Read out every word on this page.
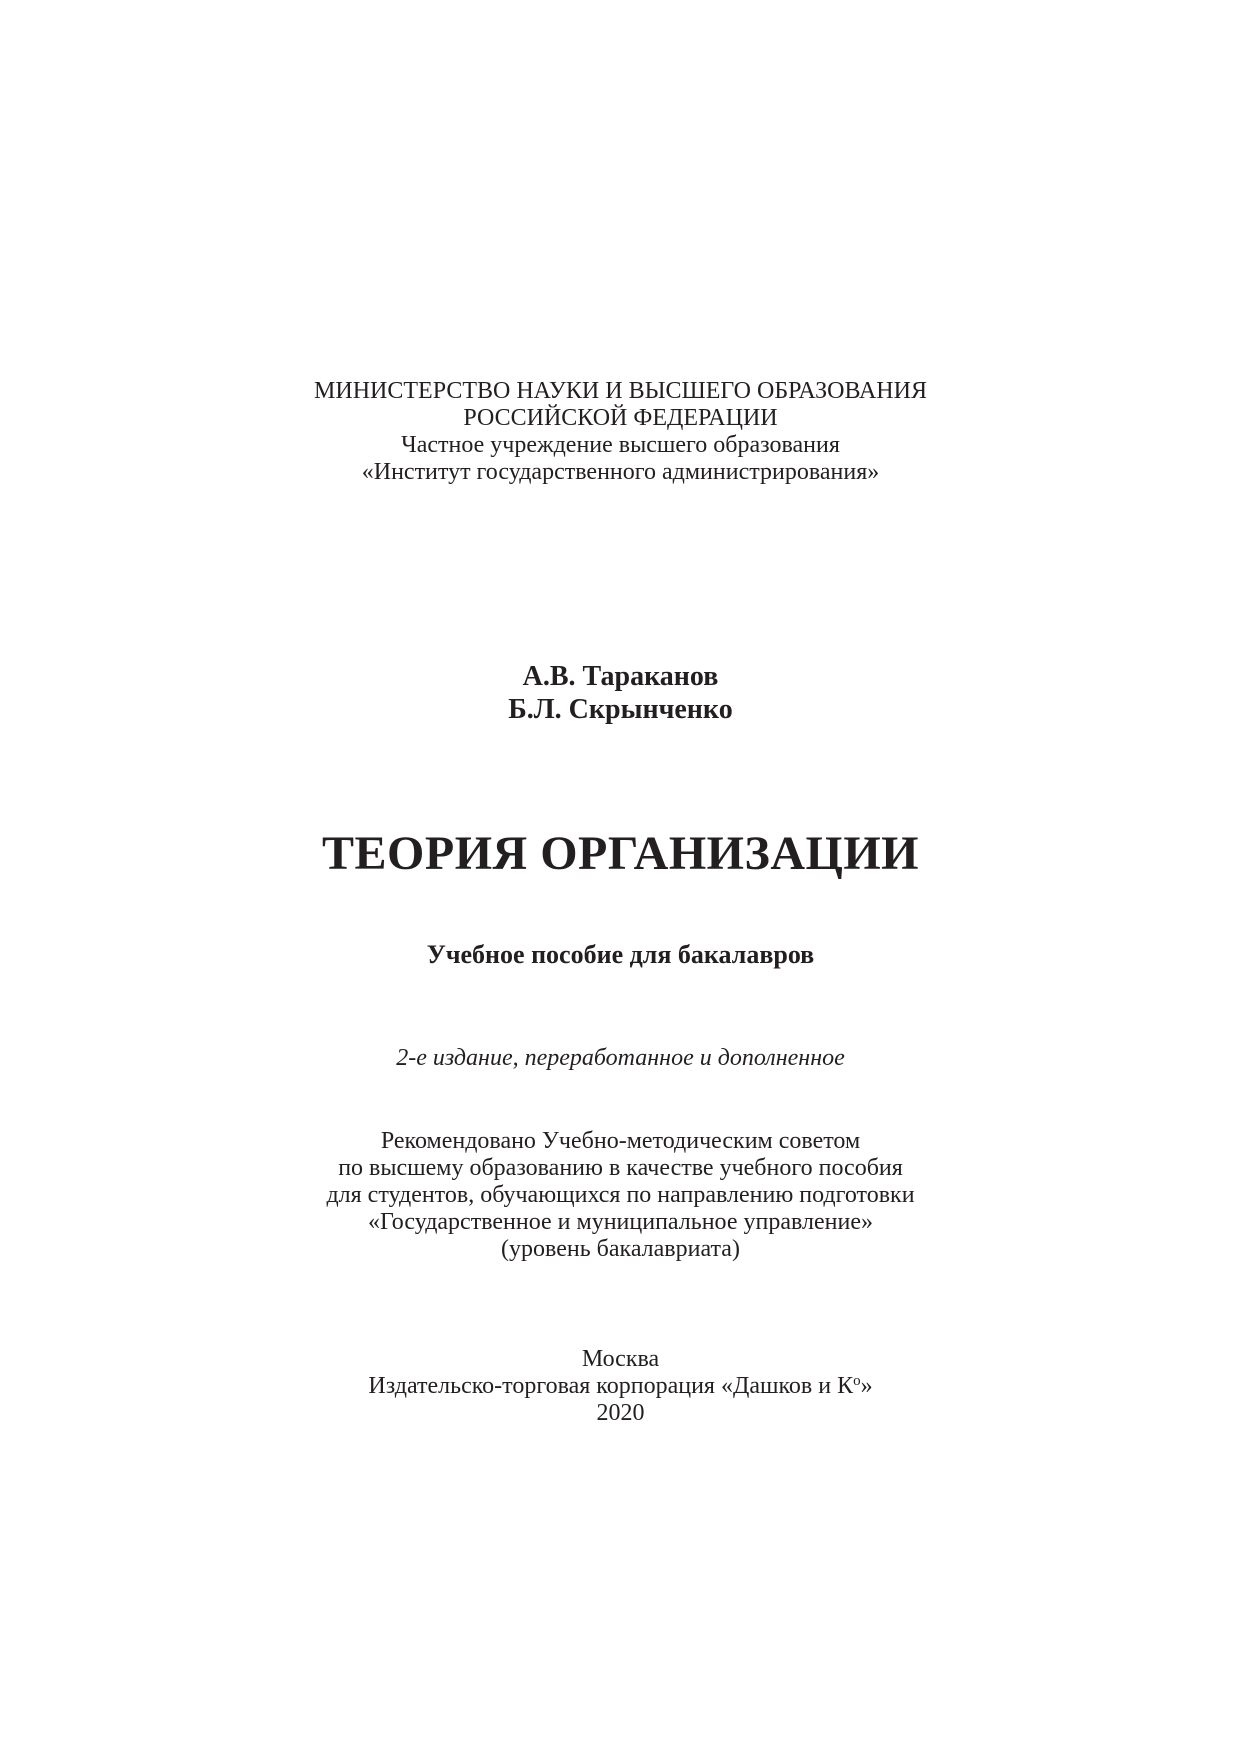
МИНИСТЕРСТВО НАУКИ И ВЫСШЕГО ОБРАЗОВАНИЯ
РОССИЙСКОЙ ФЕДЕРАЦИИ
Частное учреждение высшего образования
«Институт государственного администрирования»
А.В. Тараканов
Б.Л. Скрынченко
ТЕОРИЯ ОРГАНИЗАЦИИ
Учебное пособие для бакалавров
2-е издание, переработанное и дополненное
Рекомендовано Учебно-методическим советом
по высшему образованию в качестве учебного пособия
для студентов, обучающихся по направлению подготовки
«Государственное и муниципальное управление»
(уровень бакалавриата)
Москва
Издательско-торговая корпорация «Дашков и $К^о$»
2020
